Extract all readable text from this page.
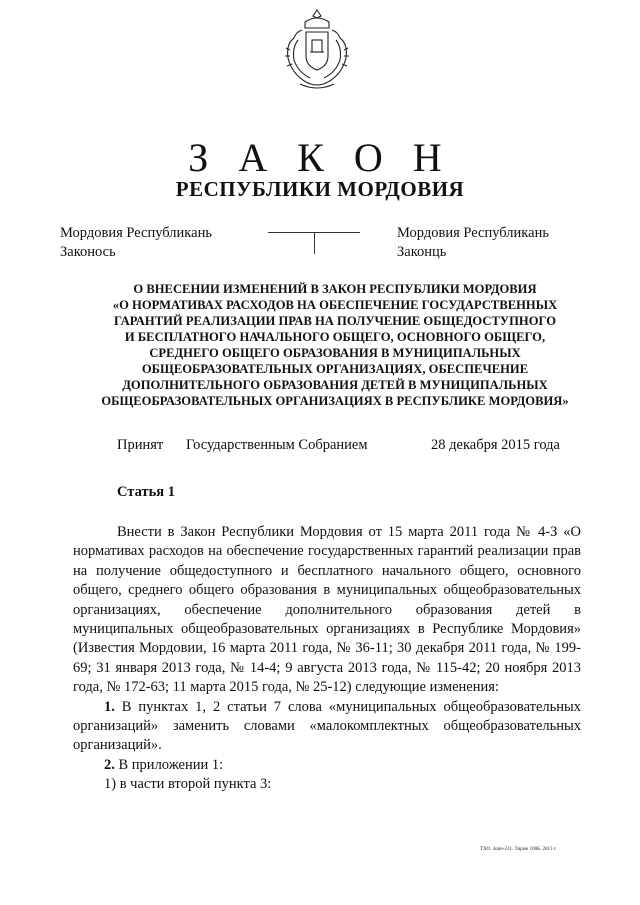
З А К О Н
РЕСПУБЛИКИ МОРДОВИЯ
Мордовия Республикань
Законось
Мордовия Республикань
Законць
О ВНЕСЕНИИ ИЗМЕНЕНИЙ В ЗАКОН РЕСПУБЛИКИ МОРДОВИЯ
«О НОРМАТИВАХ РАСХОДОВ НА ОБЕСПЕЧЕНИЕ ГОСУДАРСТВЕННЫХ
ГАРАНТИЙ РЕАЛИЗАЦИИ ПРАВ НА ПОЛУЧЕНИЕ ОБЩЕДОСТУПНОГО
И БЕСПЛАТНОГО НАЧАЛЬНОГО ОБЩЕГО, ОСНОВНОГО ОБЩЕГО,
СРЕДНЕГО ОБЩЕГО ОБРАЗОВАНИЯ В МУНИЦИПАЛЬНЫХ
ОБЩЕОБРАЗОВАТЕЛЬНЫХ ОРГАНИЗАЦИЯХ, ОБЕСПЕЧЕНИЕ
ДОПОЛНИТЕЛЬНОГО ОБРАЗОВАНИЯ ДЕТЕЙ В МУНИЦИПАЛЬНЫХ
ОБЩЕОБРАЗОВАТЕЛЬНЫХ ОРГАНИЗАЦИЯХ В РЕСПУБЛИКЕ МОРДОВИЯ»
Принят Государственным Собранием	28 декабря 2015 года
Статья 1

Внести в Закон Республики Мордовия от 15 марта 2011 года № 4-З «О нормативах расходов на обеспечение государственных гарантий реализации прав на получение общедоступного и бесплатного начального общего, основного общего, среднего общего образования в муниципальных общеобразовательных организациях, обеспечение дополнительного образования детей в муниципальных общеобразовательных организациях в Республике Мордовия» (Известия Мордовии, 16 марта 2011 года, № 36-11; 30 декабря 2011 года, № 199-69; 31 января 2013 года, № 14-4; 9 августа 2013 года, № 115-42; 20 ноября 2013 года, № 172-63; 11 марта 2015 года, № 25-12) следующие изменения:

1. В пунктах 1, 2 статьи 7 слова «муниципальных общеобразовательных организаций» заменить словами «малокомплектных общеобразовательных организаций».

2. В приложении 1:

1) в части второй пункта 3:

ТХО. Зоин-231. Тираж 100Б. 2013 г.
